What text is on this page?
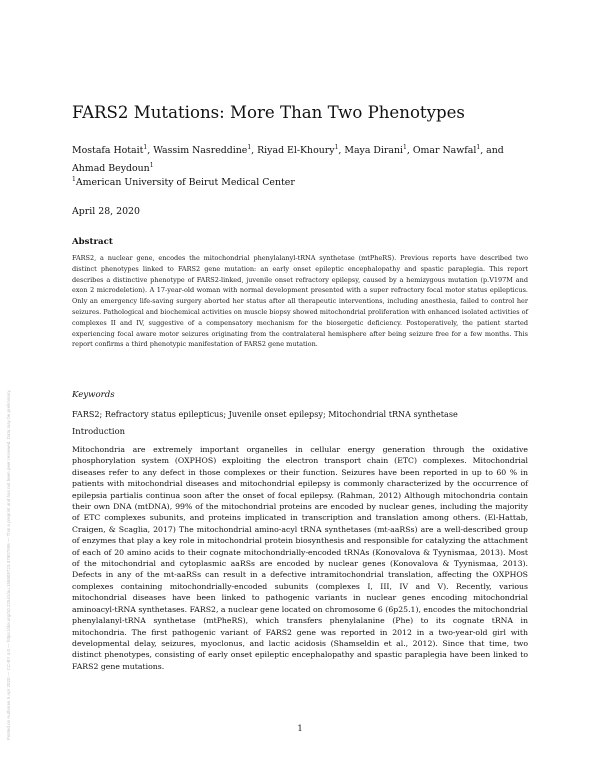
Posted on Authorea 5 Apr 2020 — CC-BY 4.0 — https://doi.org/10.22541/au.158609723.37807996 — This a preprint and has not been peer reviewed. Data may be preliminary.
FARS2 Mutations: More Than Two Phenotypes
Mostafa Hotait$^1$, Wassim Nasreddine$^1$, Riyad El-Khoury$^1$, Maya Dirani$^1$, Omar Nawfal$^1$, and Ahmad Beydoun$^1$
$^1$American University of Beirut Medical Center
April 28, 2020
Abstract
FARS2, a nuclear gene, encodes the mitochondrial phenylalanyl-tRNA synthetase (mtPheRS). Previous reports have described two distinct phenotypes linked to FARS2 gene mutation: an early onset epileptic encephalopathy and spastic paraplegia. This report describes a distinctive phenotype of FARS2-linked, juvenile onset refractory epilepsy, caused by a hemizygous mutation (p.V197M and exon 2 microdeletion). A 17-year-old woman with normal development presented with a super refractory focal motor status epilepticus. Only an emergency life-saving surgery aborted her status after all therapeutic interventions, including anesthesia, failed to control her seizures. Pathological and biochemical activities on muscle biopsy showed mitochondrial proliferation with enhanced isolated activities of complexes II and IV, suggestive of a compensatory mechanism for the biosergetic deficiency. Postoperatively, the patient started experiencing focal aware motor seizures originating from the contralateral hemisphere after being seizure free for a few months. This report confirms a third phenotypic manifestation of FARS2 gene mutation.
Keywords
FARS2; Refractory status epilepticus; Juvenile onset epilepsy; Mitochondrial tRNA synthetase
Introduction
Mitochondria are extremely important organelles in cellular energy generation through the oxidative phosphorylation system (OXPHOS) exploiting the electron transport chain (ETC) complexes. Mitochondrial diseases refer to any defect in those complexes or their function. Seizures have been reported in up to 60 % in patients with mitochondrial diseases and mitochondrial epilepsy is commonly characterized by the occurrence of epilepsia partialis continua soon after the onset of focal epilepsy. (Rahman, 2012) Although mitochondria contain their own DNA (mtDNA), 99% of the mitochondrial proteins are encoded by nuclear genes, including the majority of ETC complexes subunits, and proteins implicated in transcription and translation among others. (El-Hattab, Craigen, & Scaglia, 2017) The mitochondrial amino-acyl tRNA synthetases (mt-aaRSs) are a well-described group of enzymes that play a key role in mitochondrial protein biosynthesis and responsible for catalyzing the attachment of each of 20 amino acids to their cognate mitochondrially-encoded tRNAs (Konovalova & Tyynismaa, 2013). Most of the mitochondrial and cytoplasmic aaRSs are encoded by nuclear genes (Konovalova & Tyynismaa, 2013). Defects in any of the mt-aaRSs can result in a defective intramitochondrial translation, affecting the OXPHOS complexes containing mitochondrially-encoded subunits (complexes I, III, IV and V). Recently, various mitochondrial diseases have been linked to pathogenic variants in nuclear genes encoding mitochondrial aminoacyl-tRNA synthetases. FARS2, a nuclear gene located on chromosome 6 (6p25.1), encodes the mitochondrial phenylalanyl-tRNA synthetase (mtPheRS), which transfers phenylalanine (Phe) to its cognate tRNA in mitochondria. The first pathogenic variant of FARS2 gene was reported in 2012 in a two-year-old girl with developmental delay, seizures, myoclonus, and lactic acidosis (Shamseldin et al., 2012). Since that time, two distinct phenotypes, consisting of early onset epileptic encephalopathy and spastic paraplegia have been linked to FARS2 gene mutations.
1
